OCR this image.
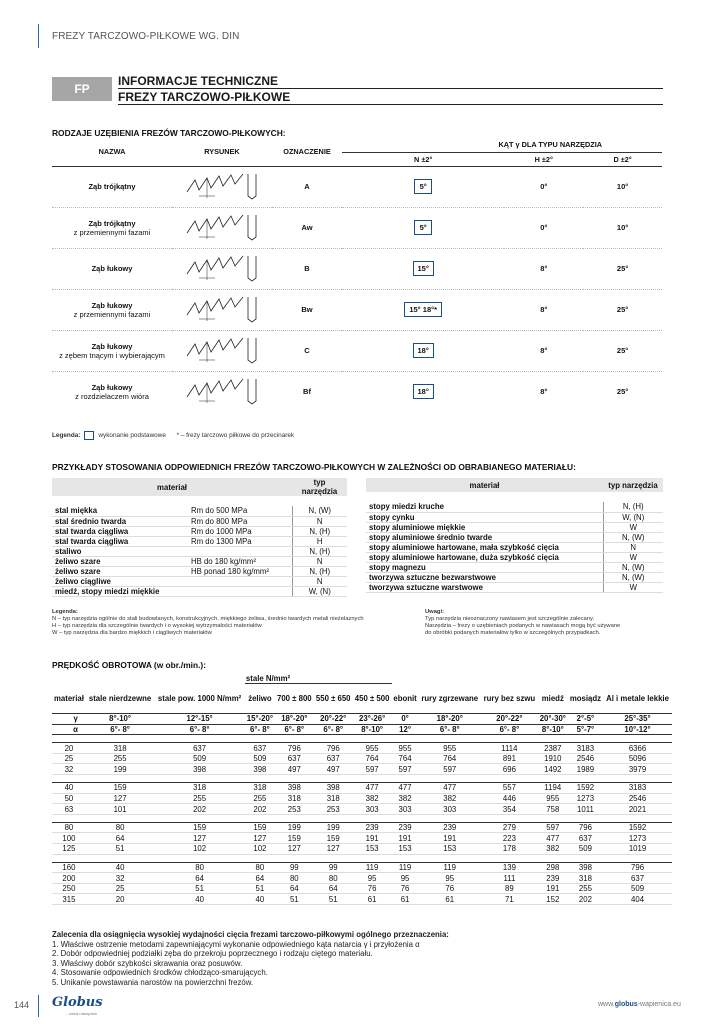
FREZY TARCZOWO-PIŁKOWE WG. DIN
FP
INFORMACJE TECHNICZNE
FREZY TARCZOWO-PIŁKOWE
RODZAJE UZĘBIENIA FREZÓW TARCZOWO-PIŁKOWYCH:
NAZWA	RYSUNEK	OZNACZENIE	KĄT γ DLA TYPU NARZĘDZIA		
			N ±2°	H ±2°	D ±2°
Ząb trójkątny		A	5°	0°	10°
Ząb trójkątny
z przemiennymi fazami		Aw	5°	0°	10°
Ząb łukowy		B	15°	8°	25°
Ząb łukowy
z przemiennymi fazami		Bw	15° 18°*	8°	25°
Ząb łukowy
z zębem tnącym i wybierającym		C	18°	8°	25°
Ząb łukowy
z rozdzielaczem wióra		Bf	18°	8°	25°
Legenda:	wykonanie podstawowe * – frezy tarczowo piłkowe do przecinarek
PRZYKŁADY STOSOWANIA ODPOWIEDNICH FREZÓW TARCZOWO-PIŁKOWYCH W ZALEŻNOŚCI OD OBRABIANEGO MATERIAŁU:
materiał		typ narzędzia

stal miękka	Rm do 500 MPa	N, (W)
stal średnio twarda	Rm do 800 MPa	N
stal twarda ciągliwa	Rm do 1000 MPa	N, (H)
stal twarda ciągliwa	Rm do 1300 MPa	H
staliwo		N, (H)
żeliwo szare	HB do 180 kg/mm²	N
żeliwo szare	HB ponad 180 kg/mm²	N, (H)
żeliwo ciągliwe		N
miedź, stopy miedzi miękkie		W, (N)
materiał	typ narzędzia

stopy miedzi kruche	N, (H)
stopy cynku	W, (N)
stopy aluminiowe miękkie	W
stopy aluminiowe średnio twarde	N, (W)
stopy aluminiowe hartowane, mała szybkość cięcia	N
stopy aluminiowe hartowane, duża szybkość cięcia	W
stopy magnezu	N, (W)
tworzywa sztuczne bezwarstwowe	N, (W)
tworzywa sztuczne warstwowe	W
Legenda:
N – typ narzędzia ogólnie do stali budowlanych, konstrukcyjnych, miękkiego żeliwa, średnio twardych metali nieżelaznych
H – typ narzędzia dla szczególnie twardych i o wysokiej wytrzymałości materiałów
W – typ narzędzia dla bardzo miękkich i ciągliwych materiałów
Uwagi:
Typ narzędzia nieoznaczony nawiasem jest szczególnie zalecany.
Narzędzia – frezy o uzębieniach podanych w nawiasach mogą być używane
do obróbki podanych materiałów tylko w szczególnych przypadkach.
PRĘDKOŚĆ OBROTOWA (w obr./min.):
			stale N/mm²									
materiał	stale nierdzewne	stale pow. 1000 N/mm²	żeliwo	700 ± 800	550 ± 650	450 ± 500	ebonit	rury zgrzewane	rury bez szwu	miedź	mosiądz	Al i metale lekkie
γ	8°-10°	12°-15°	15°-20°	18°-20°	20°-22°	23°-26°	0°	18°-20°	20°-22°	20°-30°	2°-5°	25°-35°
α	6°- 8°	6°- 8°	6°- 8°	6°- 8°	6°- 8°	8°-10°	12°	6°- 8°	6°- 8°	8°-10°	5°-7°	10°-12°

20	318	637	637	796	796	955	955	955	1114	2387	3183	6366
25	255	509	509	637	637	764	764	764	891	1910	2546	5096
32	199	398	398	497	497	597	597	597	696	1492	1989	3979

40	159	318	318	398	398	477	477	477	557	1194	1592	3183
50	127	255	255	318	318	382	382	382	446	955	1273	2546
63	101	202	202	253	253	303	303	303	354	758	1011	2021

80	80	159	159	199	199	239	239	239	279	597	796	1592
100	64	127	127	159	159	191	191	191	223	477	637	1273
125	51	102	102	127	127	153	153	153	178	382	509	1019

160	40	80	80	99	99	119	119	119	139	298	398	796
200	32	64	64	80	80	95	95	95	111	239	318	637
250	25	51	51	64	64	76	76	76	89	191	255	509
315	20	40	40	51	51	61	61	61	71	152	202	404
Zalecenia dla osiągnięcia wysokiej wydajności cięcia frezami tarczowo-piłkowymi ogólnego przeznaczenia:
1. Właściwe ostrzenie metodami zapewniającymi wykonanie odpowiedniego kąta natarcia γ i przyłożenia α
2. Dobór odpowiedniej podziałki zęba do przekroju poprzecznego i rodzaju ciętego materiału.
3. Właściwy dobór szybkości skrawania oraz posuwów.
4. Stosowanie odpowiednich środków chłodząco-smarujących.
5. Unikanie powstawania narostów na powierzchni frezów.
144 Globus
...extra narzędzia
www.globus-wapienica.eu
